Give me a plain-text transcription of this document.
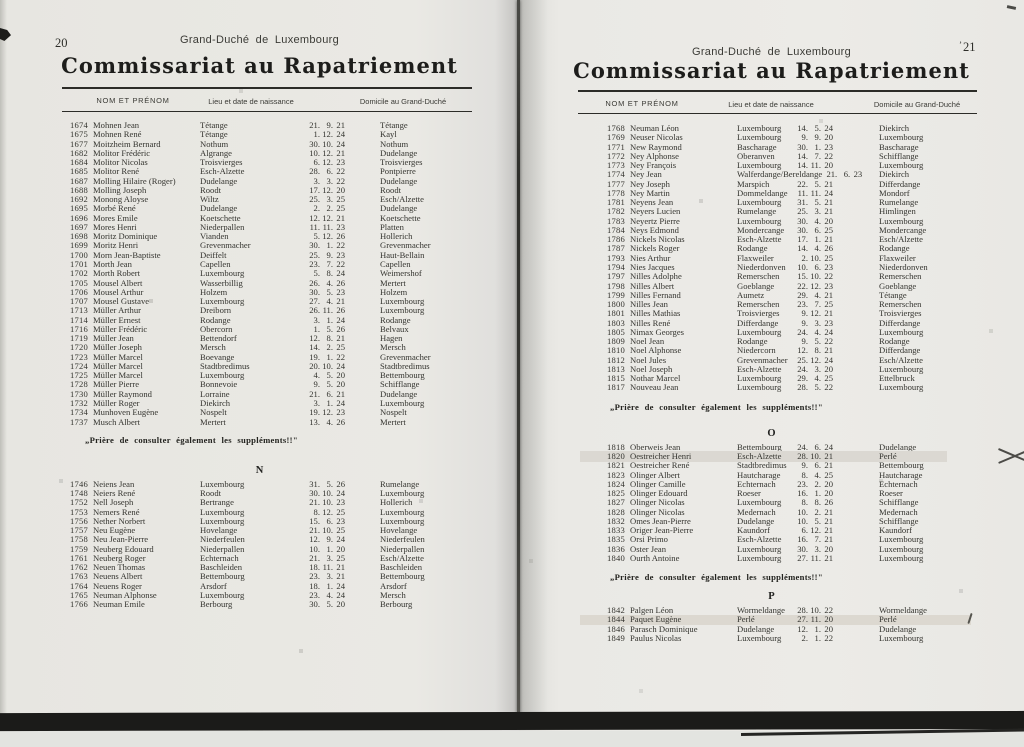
20	Grand-Duché de Luxembourg
Commissariat au Rapatriement
NOM ET PRÉNOM	Lieu et date de naissance	Domicile au Grand-Duché
1674 Mohnen Jean	Tétange	21. 9. 21	Tétange
1675 Mohnen René	Tétange	1. 12. 24	Kayl
1677 Moitzheim Bernard	Nothum	30. 10. 24	Nothum
1682 Molitor Frédéric	Algrange	10. 12. 21	Dudelange
1684 Molitor Nicolas	Troisvierges	6. 12. 23	Troisvierges
1685 Molitor René	Esch-Alzette	28. 6. 22	Pontpierre
1687 Molling Hilaire (Roger)	Dudelange	3. 3. 22	Dudelange
1688 Molling Joseph	Roodt	17. 12. 20	Roodt
1692 Monong Aloyse	Wiltz	25. 3. 25	Esch/Alzette
1695 Morbé René	Dudelange	2. 2. 25	Dudelange
1696 Mores Emile	Koetschette	12. 12. 21	Koetschette
1697 Mores Henri	Niederpallen	11. 11. 23	Platten
1698 Moritz Dominique	Vianden	5. 12. 26	Hollerich
1699 Moritz Henri	Grevenmacher	30. 1. 22	Grevenmacher
1700 Morn Jean-Baptiste	Deiffelt	25. 9. 23	Haut-Bellain
1701 Morth Jean	Capellen	23. 7. 22	Capellen
1702 Morth Robert	Luxembourg	5. 8. 24	Weimershof
1705 Mousel Albert	Wasserbillig	26. 4. 26	Mertert
1706 Mousel Arthur	Holzem	30. 5. 23	Holzem
1707 Mousel Gustave	Luxembourg	27. 4. 21	Luxembourg
1713 Müller Arthur	Dreiborn	26. 11. 26	Luxembourg
1714 Müller Ernest	Rodange	3. 1. 24	Rodange
1716 Müller Frédéric	Obercorn	1. 5. 26	Belvaux
1719 Müller Jean	Bettendorf	12. 8. 21	Hagen
1720 Müller Joseph	Mersch	14. 2. 25	Mersch
1723 Müller Marcel	Boevange	19. 1. 22	Grevenmacher
1724 Müller Marcel	Stadtbredimus	20. 10. 24	Stadtbredimus
1725 Müller Marcel	Luxembourg	4. 5. 20	Bettembourg
1728 Müller Pierre	Bonnevoie	9. 5. 20	Schifflange
1730 Müller Raymond	Lorraine	21. 6. 21	Dudelange
1732 Müller Roger	Diekirch	3. 1. 24	Luxembourg
1734 Munhoven Eugène	Nospelt	19. 12. 23	Nospelt
1737 Musch Albert	Mertert	13. 4. 26	Mertert
„Prière de consulter également les suppléments!!"
N
1746 Neiens Jean	Luxembourg	31. 5. 26	Rumelange
1748 Neiers René	Roodt	30. 10. 24	Luxembourg
1752 Nell Joseph	Bertrange	21. 10. 23	Hollerich
1753 Nemers René	Luxembourg	8. 12. 25	Luxembourg
1756 Nether Norbert	Luxembourg	15. 6. 23	Luxembourg
1757 Neu Eugène	Hovelange	21. 10. 25	Hovelange
1758 Neu Jean-Pierre	Niederfeulen	12. 9. 24	Niederfeulen
1759 Neuberg Edouard	Niederpallen	10. 1. 20	Niederpallen
1761 Neuberg Roger	Echternach	21. 3. 25	Esch/Alzette
1762 Neuen Thomas	Baschleiden	18. 11. 21	Baschleiden
1763 Neuens Albert	Bettembourg	23. 3. 21	Bettembourg
1764 Neuens Roger	Arsdorf	18. 1. 24	Arsdorf
1765 Neuman Alphonse	Luxembourg	23. 4. 24	Mersch
1766 Neuman Emile	Berbourg	30. 5. 20	Berbourg
’21
Grand-Duché de Luxembourg
Commissariat au Rapatriement
NOM ET PRÉNOM	Lieu et date de naissance	Domicile au Grand-Duché
1768 Neuman Léon	Luxembourg	14. 5. 24	Diekirch
1769 Neuser Nicolas	Luxembourg	9. 9. 20	Luxembourg
1771 New Raymond	Bascharage	30. 1. 23	Bascharage
1772 Ney Alphonse	Oberanven	14. 7. 22	Schifflange
1773 Ney François	Luxembourg	14. 11. 20	Luxembourg
1774 Ney Jean	Walferdange/Bereldange 21. 6. 23 Diekirch
1777 Ney Joseph	Marspich	22. 5. 21	Differdange
1778 Ney Martin	Dommeldange	11. 11. 24	Mondorf
1781 Neyens Jean	Luxembourg	31. 5. 21	Rumelange
1782 Neyers Lucien	Rumelange	25. 3. 21	Himlingen
1783 Neyertz Pierre	Luxembourg	30. 4. 20	Luxembourg
1784 Neys Edmond	Mondercange	30. 6. 25	Mondercange
1786 Nickels Nicolas	Esch-Alzette	17. 1. 21	Esch/Alzette
1787 Nickels Roger	Rodange	14. 4. 26	Rodange
1793 Nies Arthur	Flaxweiler	2. 10. 25	Flaxweiler
1794 Nies Jacques	Niederdonven	10. 6. 23	Niederdonven
1797 Nilles Adolphe	Remerschen	15. 10. 22	Remerschen
1798 Nilles Albert	Goeblange	22. 12. 23	Goeblange
1799 Nilles Fernand	Aumetz	29. 4. 21	Tétange
1800 Nilles Jean	Remerschen	23. 7. 25	Remerschen
1801 Nilles Mathias	Troisvierges	9. 12. 21	Troisvierges
1803 Nilles René	Differdange	9. 3. 23	Differdange
1805 Nimax Georges	Luxembourg	24. 4. 24	Luxembourg
1809 Noel Jean	Rodange	9. 5. 22	Rodange
1810 Noel Alphonse	Niedercorn	12. 8. 21	Differdange
1812 Noel Jules	Grevenmacher	25. 12. 24	Esch/Alzette
1813 Noel Joseph	Esch-Alzette	24. 3. 20	Luxembourg
1815 Nothar Marcel	Luxembourg	29. 4. 25	Ettelbruck
1817 Nouveau Jean	Luxembourg	28. 5. 22	Luxembourg
„Prière de consulter également les suppléments!!"
O
1818 Oberweis Jean	Bettembourg	24. 6. 24	Dudelange
1820 Oestreicher Henri	Esch-Alzette	28. 10. 21	Perlé
1821 Oestreicher René	Stadtbredimus	9. 6. 21	Bettembourg
1823 Olinger Albert	Hautcharage	8. 4. 25	Hautcharage
1824 Olinger Camille	Echternach	23. 2. 20	Echternach
1825 Olinger Edouard	Roeser	16. 1. 20	Roeser
1827 Olinger Nicolas	Luxembourg	8. 8. 26	Schifflange
1828 Olinger Nicolas	Medernach	10. 2. 21	Medernach
1832 Omes Jean-Pierre	Dudelange	10. 5. 21	Schifflange
1833 Origer Jean-Pierre	Kaundorf	6. 12. 21	Kaundorf
1835 Orsi Primo	Esch-Alzette	16. 7. 21	Luxembourg
1836 Oster Jean	Luxembourg	30. 3. 20	Luxembourg
1840 Ourth Antoine	Luxembourg	27. 11. 21	Luxembourg
„Prière de consulter également les suppléments!!"
P
1842 Palgen Léon	Wormeldange	28. 10. 22	Wormeldange
1844 Paquet Eugène	Perlé	27. 11. 20	Perlé
1846 Parasch Dominique	Dudelange	12. 1. 20	Dudelange
1849 Paulus Nicolas	Luxembourg	2. 1. 22	Luxembourg
